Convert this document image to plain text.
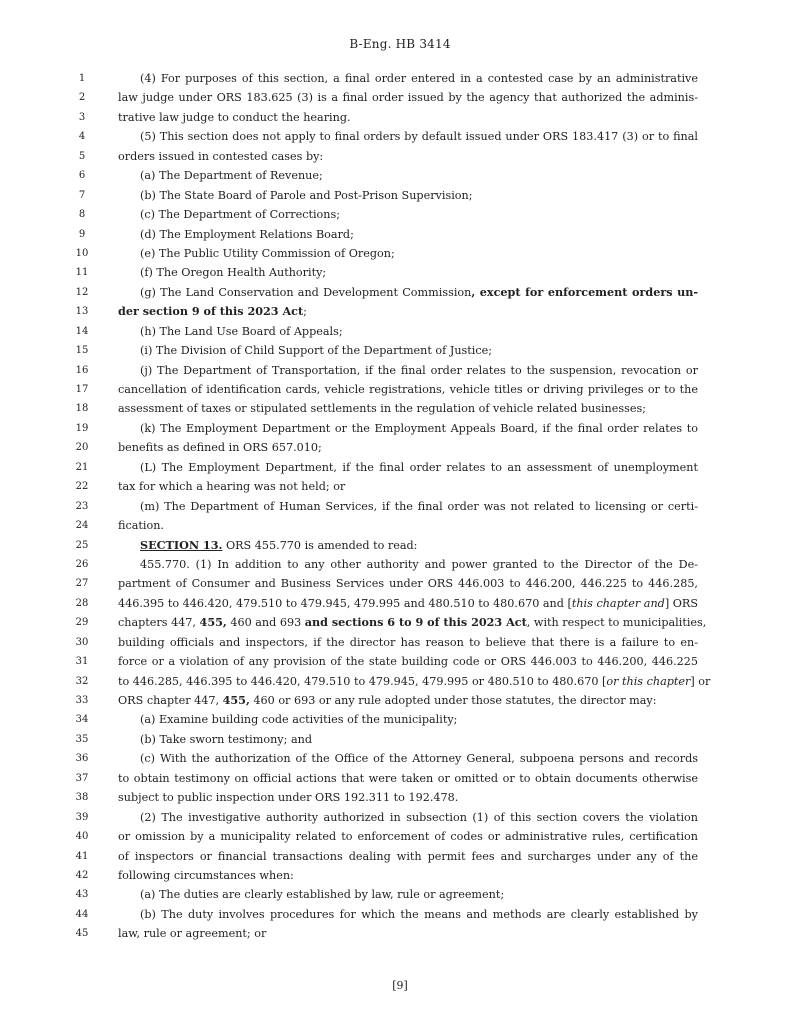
B-Eng. HB 3414
1	(4) For purposes of this section, a final order entered in a contested case by an administrative
2	law judge under ORS 183.625 (3) is a final order issued by the agency that authorized the adminis-
3	trative law judge to conduct the hearing.
4	(5) This section does not apply to final orders by default issued under ORS 183.417 (3) or to final
5	orders issued in contested cases by:
6	(a) The Department of Revenue;
7	(b) The State Board of Parole and Post-Prison Supervision;
8	(c) The Department of Corrections;
9	(d) The Employment Relations Board;
10	(e) The Public Utility Commission of Oregon;
11	(f) The Oregon Health Authority;
12	(g) The Land Conservation and Development Commission, except for enforcement orders un-
13	der section 9 of this 2023 Act;
14	(h) The Land Use Board of Appeals;
15	(i) The Division of Child Support of the Department of Justice;
16	(j) The Department of Transportation, if the final order relates to the suspension, revocation or
17	cancellation of identification cards, vehicle registrations, vehicle titles or driving privileges or to the
18	assessment of taxes or stipulated settlements in the regulation of vehicle related businesses;
19	(k) The Employment Department or the Employment Appeals Board, if the final order relates to
20	benefits as defined in ORS 657.010;
21	(L) The Employment Department, if the final order relates to an assessment of unemployment
22	tax for which a hearing was not held; or
23	(m) The Department of Human Services, if the final order was not related to licensing or certi-
24	fication.
25	SECTION 13. ORS 455.770 is amended to read:
26	455.770. (1) In addition to any other authority and power granted to the Director of the De-
27	partment of Consumer and Business Services under ORS 446.003 to 446.200, 446.225 to 446.285,
28	446.395 to 446.420, 479.510 to 479.945, 479.995 and 480.510 to 480.670 and [this chapter and] ORS
29	chapters 447, 455, 460 and 693 and sections 6 to 9 of this 2023 Act, with respect to municipalities,
30	building officials and inspectors, if the director has reason to believe that there is a failure to en-
31	force or a violation of any provision of the state building code or ORS 446.003 to 446.200, 446.225
32	to 446.285, 446.395 to 446.420, 479.510 to 479.945, 479.995 or 480.510 to 480.670 [or this chapter] or
33	ORS chapter 447, 455, 460 or 693 or any rule adopted under those statutes, the director may:
34	(a) Examine building code activities of the municipality;
35	(b) Take sworn testimony; and
36	(c) With the authorization of the Office of the Attorney General, subpoena persons and records
37	to obtain testimony on official actions that were taken or omitted or to obtain documents otherwise
38	subject to public inspection under ORS 192.311 to 192.478.
39	(2) The investigative authority authorized in subsection (1) of this section covers the violation
40	or omission by a municipality related to enforcement of codes or administrative rules, certification
41	of inspectors or financial transactions dealing with permit fees and surcharges under any of the
42	following circumstances when:
43	(a) The duties are clearly established by law, rule or agreement;
44	(b) The duty involves procedures for which the means and methods are clearly established by
45	law, rule or agreement; or
[9]
